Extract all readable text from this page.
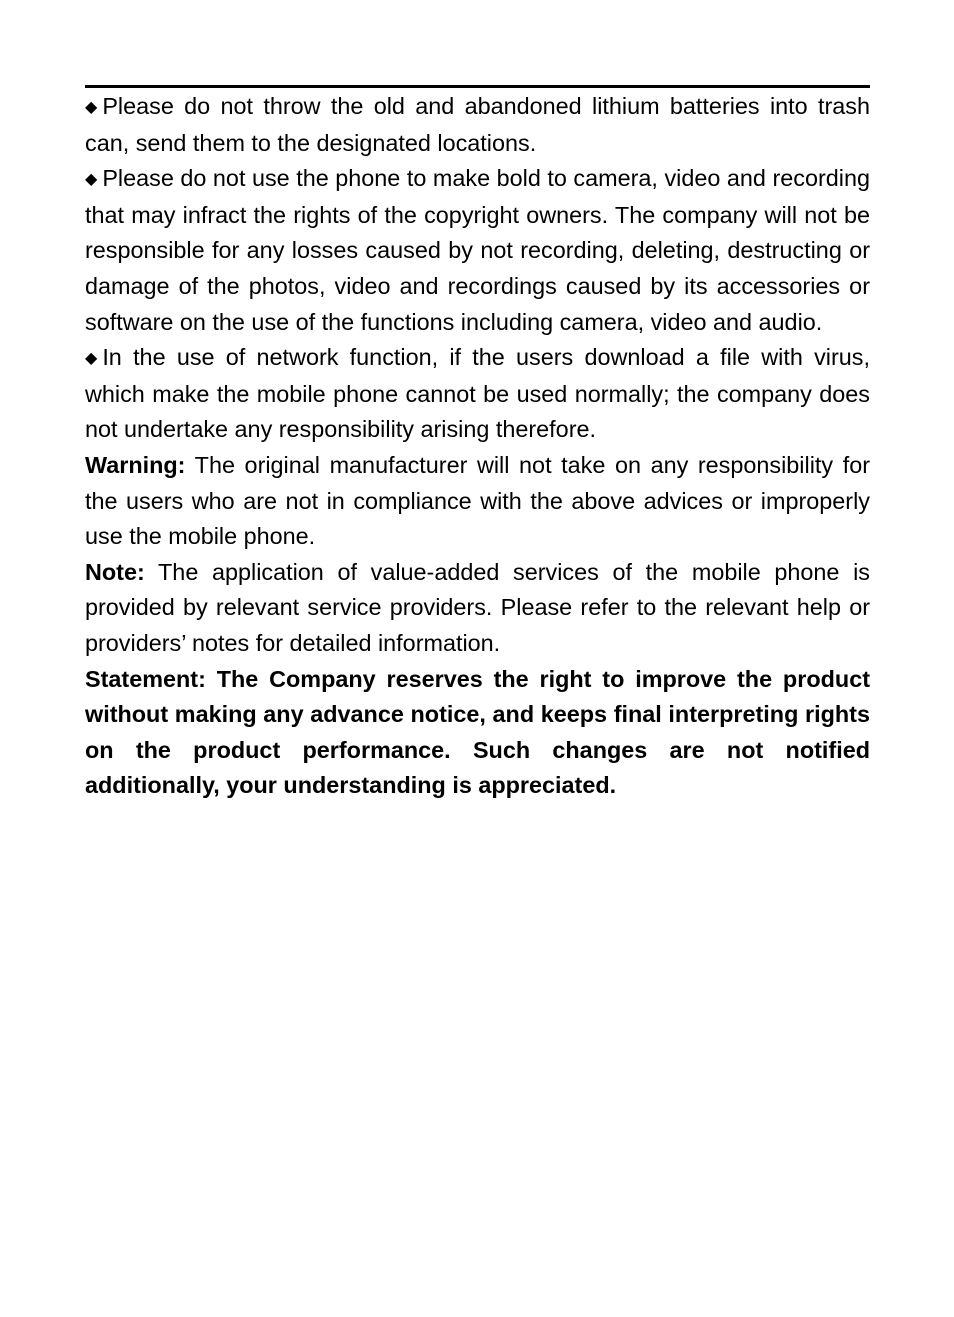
◆ Please do not throw the old and abandoned lithium batteries into trash can, send them to the designated locations.

◆ Please do not use the phone to make bold to camera, video and recording that may infract the rights of the copyright owners. The company will not be responsible for any losses caused by not recording, deleting, destructing or damage of the photos, video and recordings caused by its accessories or software on the use of the functions including camera, video and audio.

◆ In the use of network function, if the users download a file with virus, which make the mobile phone cannot be used normally; the company does not undertake any responsibility arising therefore.

Warning: The original manufacturer will not take on any responsibility for the users who are not in compliance with the above advices or improperly use the mobile phone.

Note: The application of value-added services of the mobile phone is provided by relevant service providers. Please refer to the relevant help or providers’ notes for detailed information.

Statement: The Company reserves the right to improve the product without making any advance notice, and keeps final interpreting rights on the product performance. Such changes are not notified additionally, your understanding is appreciated.
